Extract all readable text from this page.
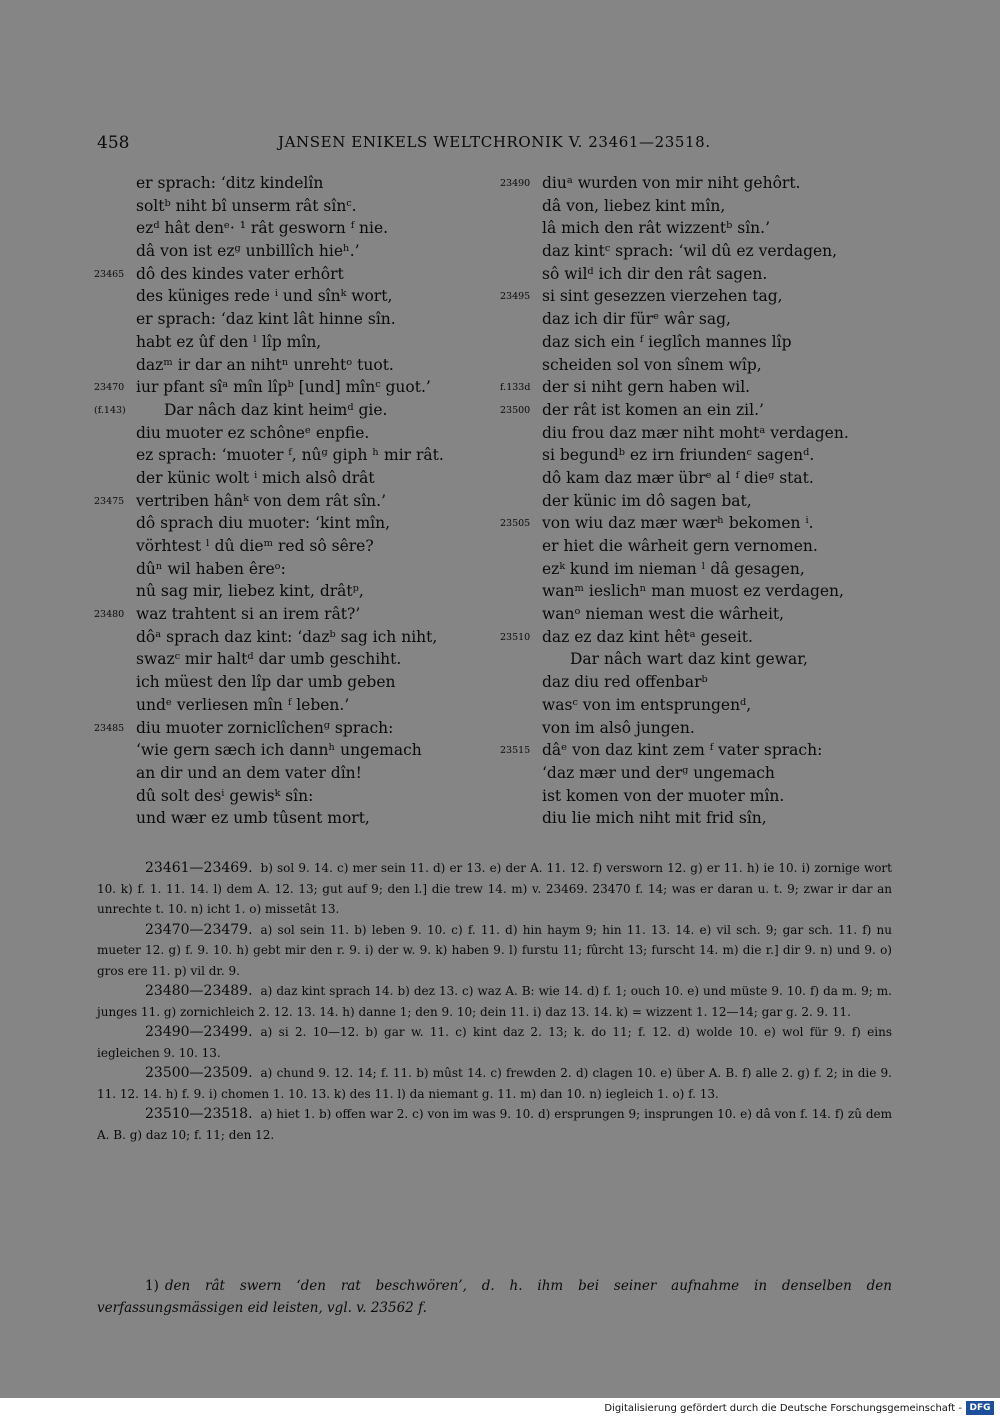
458	JANSEN ENIKELS WELTCHRONIK V. 23461—23518.
er sprach: ‘ditz kindelîn
soltᵇ niht bî unserm rât sînᶜ.
ezᵈ hât denᵉ· ¹ rât gesworn ᶠ nie.
dâ von ist ezᵍ unbillîch hieʰ.’
23465 dô des kindes vater erhôrt
des küniges rede ⁱ und sînᵏ wort,
er sprach: ‘daz kint lât hinne sîn.
habt ez ûf den ˡ lîp mîn,
dazᵐ ir dar an nihtⁿ unrehtᵒ tuot.
23470 iur pfant sîᵃ mîn lîpᵇ [und] mînᶜ guot.’
(f.143)	Dar nâch daz kint heimᵈ gie.
diu muoter ez schôneᵉ enpfie.
ez sprach: ‘muoter ᶠ, nûᵍ giph ʰ mir rât.
der künic wolt ⁱ mich alsô drât
23475 vertriben hânᵏ von dem rât sîn.’
dô sprach diu muoter: ‘kint mîn,
vörhtest ˡ dû dieᵐ red sô sêre?
dûⁿ wil haben êreᵒ:
nû sag mir, liebez kint, drâtᵖ,
23480 waz trahtent si an irem rât?’
dôᵃ sprach daz kint: ‘dazᵇ sag ich niht,
swazᶜ mir haltᵈ dar umb geschiht.
ich müest den lîp dar umb geben
undᵉ verliesen mîn ᶠ leben.’
23485 diu muoter zorniclîchenᵍ sprach:
‘wie gern sæch ich dannʰ ungemach
an dir und an dem vater dîn!
dû solt desⁱ gewisᵏ sîn:
und wær ez umb tûsent mort,
23490 diuᵃ wurden von mir niht gehôrt.
dâ von, liebez kint mîn,
lâ mich den rât wizzentᵇ sîn.’
daz kintᶜ sprach: ‘wil dû ez verdagen,
sô wilᵈ ich dir den rât sagen.
23495 si sint gesezzen vierzehen tag,
daz ich dir fürᵉ wâr sag,
daz sich ein ᶠ ieglîch mannes lîp
scheiden sol von sînem wîp,
f.133d der si niht gern haben wil.
23500 der rât ist komen an ein zil.’
diu frou daz mær niht mohtᵃ verdagen.
si begundᵇ ez irn friundenᶜ sagenᵈ.
dô kam daz mær übrᵉ al ᶠ dieᵍ stat.
der künic im dô sagen bat,
23505 von wiu daz mær wærʰ bekomen ⁱ.
er hiet die wârheit gern vernomen.
ezᵏ kund im nieman ˡ dâ gesagen,
wanᵐ ieslichⁿ man muost ez verdagen,
wanᵒ nieman west die wârheit,
23510 daz ez daz kint hêtᵃ geseit.
Dar nâch wart daz kint gewar,
daz diu red offenbarᵇ
wasᶜ von im entsprungenᵈ,
von im alsô jungen.
23515 dâᵉ von daz kint zem ᶠ vater sprach:
‘daz mær und derᵍ ungemach
ist komen von der muoter mîn.
diu lie mich niht mit frid sîn,
23461—23469. b) sol 9. 14. c) mer sein 11. d) er 13. e) der A. 11. 12. f) versworn 12. g) er 11. h) ie 10. i) zornige wort 10. k) f. 1. 11. 14. l) dem A. 12. 13; gut auf 9; den l.] die trew 14. m) v. 23469. 23470 f. 14; was er daran u. t. 9; zwar ir dar an unrechte t. 10. n) icht 1. o) missetât 13.
23470—23479. a) sol sein 11. b) leben 9. 10. c) f. 11. d) hin haym 9; hin 11. 13. 14. e) vil sch. 9; gar sch. 11. f) nu mueter 12. g) f. 9. 10. h) gebt mir den r. 9. i) der w. 9. k) haben 9. l) furstu 11; fûrcht 13; furscht 14. m) die r.] dir 9. n) und 9. o) gros ere 11. p) vil dr. 9.
23480—23489. a) daz kint sprach 14. b) dez 13. c) waz A. B: wie 14. d) f. 1; ouch 10. e) und müste 9. 10. f) da m. 9; m. junges 11. g) zornichleich 2. 12. 13. 14. h) danne 1; den 9. 10; dein 11. i) daz 13. 14. k) = wizzent 1. 12—14; gar g. 2. 9. 11.
23490—23499. a) si 2. 10—12. b) gar w. 11. c) kint daz 2. 13; k. do 11; f. 12. d) wolde 10. e) wol für 9. f) eins iegleichen 9. 10. 13.
23500—23509. a) chund 9. 12. 14; f. 11. b) mûst 14. c) frewden 2. d) clagen 10. e) über A. B. f) alle 2. g) f. 2; in die 9. 11. 12. 14. h) f. 9. i) chomen 1. 10. 13. k) des 11. l) da niemant g. 11. m) dan 10. n) iegleich 1. o) f. 13.
23510—23518. a) hiet 1. b) offen war 2. c) von im was 9. 10. d) ersprungen 9; insprungen 10. e) dâ von f. 14. f) zû dem A. B. g) daz 10; f. 11; den 12.
1) den rât swern ‘den rat beschwören’, d. h. ihm bei seiner aufnahme in denselben den verfassungsmässigen eid leisten, vgl. v. 23562 f.
Digitalisierung gefördert durch die Deutsche Forschungsgemeinschaft - DFG
